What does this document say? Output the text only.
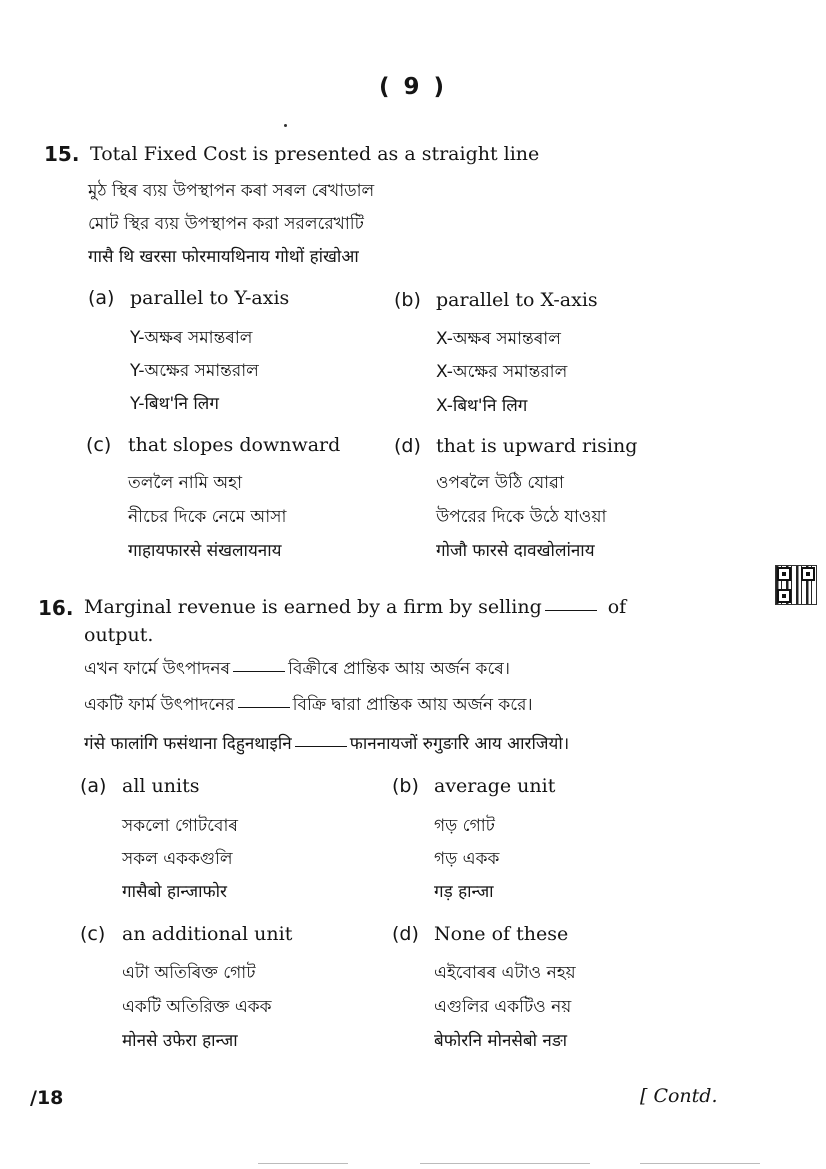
( 9 )
15. Total Fixed Cost is presented as a straight line
মুঠ স্থিৰ ব্যয় উপস্থাপন কৰা সৰল ৰেখাডাল
মোট স্থির ব্যয় উপস্থাপন করা সরলরেখাটি
गासै थि खरसा फोरमायथिनाय गोथों हांखोआ
(a) parallel to Y-axis
Y-অক্ষৰ সমান্তৰাল
Y-অক্ষের সমান্তরাল
Y-बिथ'नि लिग
(b) parallel to X-axis
X-অক্ষৰ সমান্তৰাল
X-অক্ষের সমান্তরাল
X-बिथ'नि लिग
(c) that slopes downward
তললৈ নামি অহা
নীচের দিকে নেমে আসা
गाहायफारसे संखलायनाय
(d) that is upward rising
ওপৰলৈ উঠি যোৱা
উপরের দিকে উঠে যাওয়া
गोजौ फारसे दावखोलांनाय
16. Marginal revenue is earned by a firm by selling	of
output.
এখন ফাৰ্মে উৎপাদনৰ	বিক্ৰীৰে প্ৰান্তিক আয় অৰ্জন কৰে।
একটি ফার্ম উৎপাদনের	বিক্রি দ্বারা প্রান্তিক আয় অর্জন করে।
गंसे फालांगि फसंथाना दिहुनथाइनि	फाननायजों रुगुङारि आय आरजियो।
(a) all units
সকলো গোটবোৰ
সকল এককগুলি
गासैबो हान्जाफोर
(b) average unit
গড় গোট
গড় একক
गड़ हान्जा
(c) an additional unit
এটা অতিৰিক্ত গোট
একটি অতিরিক্ত একক
मोनसे उफेरा हान्जा
(d) None of these
এইবোৰৰ এটাও নহয়
এগুলির একটিও নয়
बेफोरनि मोनसेबो नङा
/18	[ Contd.
